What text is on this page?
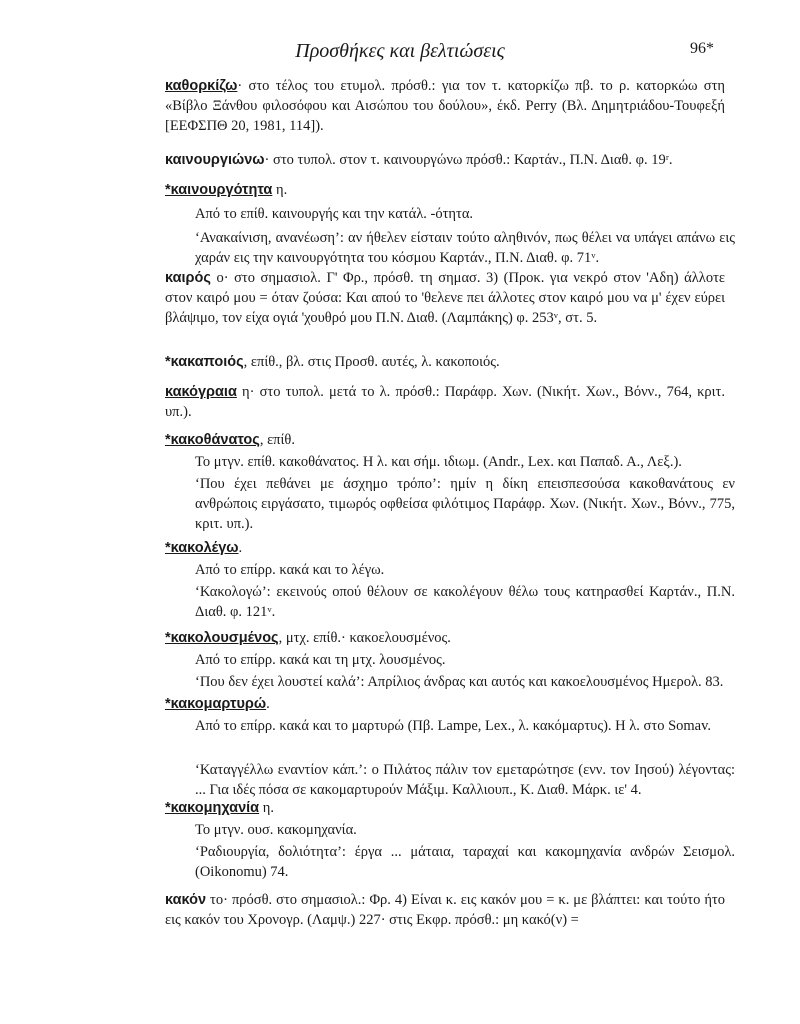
Προσθήκες και βελτιώσεις	96*
καθορκίζω· στο τέλος του ετυμολ. πρόσθ.: για τον τ. κατορκίζω πβ. το ρ. κατορκώω στη «Βίβλο Ξάνθου φιλοσόφου και Αισώπου του δούλου», έκδ. Perry (Βλ. Δημητριάδου-Τουφεξή [ΕΕΦΣΠΘ 20, 1981, 114]).
καινουργιώνω· στο τυπολ. στον τ. καινουργώνω πρόσθ.: Καρτάν., Π.Ν. Διαθ. φ. 19ʳ.
*καινουργότητα η.
Από το επίθ. καινουργής και την κατάλ. -ότητα.
‘Ανακαίνιση, ανανέωση’: αν ήθελεν είσταιν τούτο αληθινόν, πως θέλει να υπάγει απάνω εις χαράν εις την καινουργότητα του κόσμου Καρτάν., Π.Ν. Διαθ. φ. 71ᵛ.
καιρός ο· στο σημασιολ. Γ' Φρ., πρόσθ. τη σημασ. 3) (Προκ. για νεκρό στον 'Αδη) άλλοτε στον καιρό μου = όταν ζούσα: Και απού το 'θελενε πει άλλοτες στον καιρό μου να μ' έχεν εύρει βλάψιμο, τον είχα ογιά 'χουθρό μου Π.Ν. Διαθ. (Λαμπάκης) φ. 253ᵛ, στ. 5.
*κακαποιός, επίθ., βλ. στις Προσθ. αυτές, λ. κακοποιός.
κακόγραια η· στο τυπολ. μετά το λ. πρόσθ.: Παράφρ. Χων. (Νικήτ. Χων., Βόνν., 764, κριτ. υπ.).
*κακοθάνατος, επίθ.
Το μτγν. επίθ. κακοθάνατος. Η λ. και σήμ. ιδιωμ. (Andr., Lex. και Παπαδ. Α., Λεξ.).
‘Που έχει πεθάνει με άσχημο τρόπο’: ημίν η δίκη επεισπεσούσα κακοθανάτους εν ανθρώποις ειργάσατο, τιμωρός οφθείσα φιλότιμος Παράφρ. Χων. (Νικήτ. Χων., Βόνν., 775, κριτ. υπ.).
*κακολέγω.
Από το επίρρ. κακά και το λέγω.
‘Κακολογώ’: εκεινούς οπού θέλουν σε κακολέγουν θέλω τους κατηρασθεί Καρτάν., Π.Ν. Διαθ. φ. 121ᵛ.
*κακολουσμένος, μτχ. επίθ.· κακοελουσμένος.
Από το επίρρ. κακά και τη μτχ. λουσμένος.
‘Που δεν έχει λουστεί καλά’: Απρίλιος άνδρας και αυτός και κακοελουσμένος Ημερολ. 83.
*κακομαρτυρώ.
Από το επίρρ. κακά και το μαρτυρώ (Πβ. Lampe, Lex., λ. κακόμαρτυς). Η λ. στο Somav.
‘Καταγγέλλω εναντίον κάπ.’: ο Πιλάτος πάλιν τον εμεταρώτησε (ενν. τον Ιησού) λέγοντας: ... Για ιδές πόσα σε κακομαρτυρούν Μάξιμ. Καλλιουπ., Κ. Διαθ. Μάρκ. ιε' 4.
*κακομηχανία η.
Το μτγν. ουσ. κακομηχανία.
‘Ραδιουργία, δολιότητα’: έργα ... μάταια, ταραχαί και κακομηχανία ανδρών Σεισμολ. (Oikonomu) 74.
κακόν το· πρόσθ. στο σημασιολ.: Φρ. 4) Είναι κ. εις κακόν μου = κ. με βλάπτει: και τούτο ήτο εις κακόν του Χρονογρ. (Λαμψ.) 227· στις Εκφρ. πρόσθ.: μη κακό(ν) =
